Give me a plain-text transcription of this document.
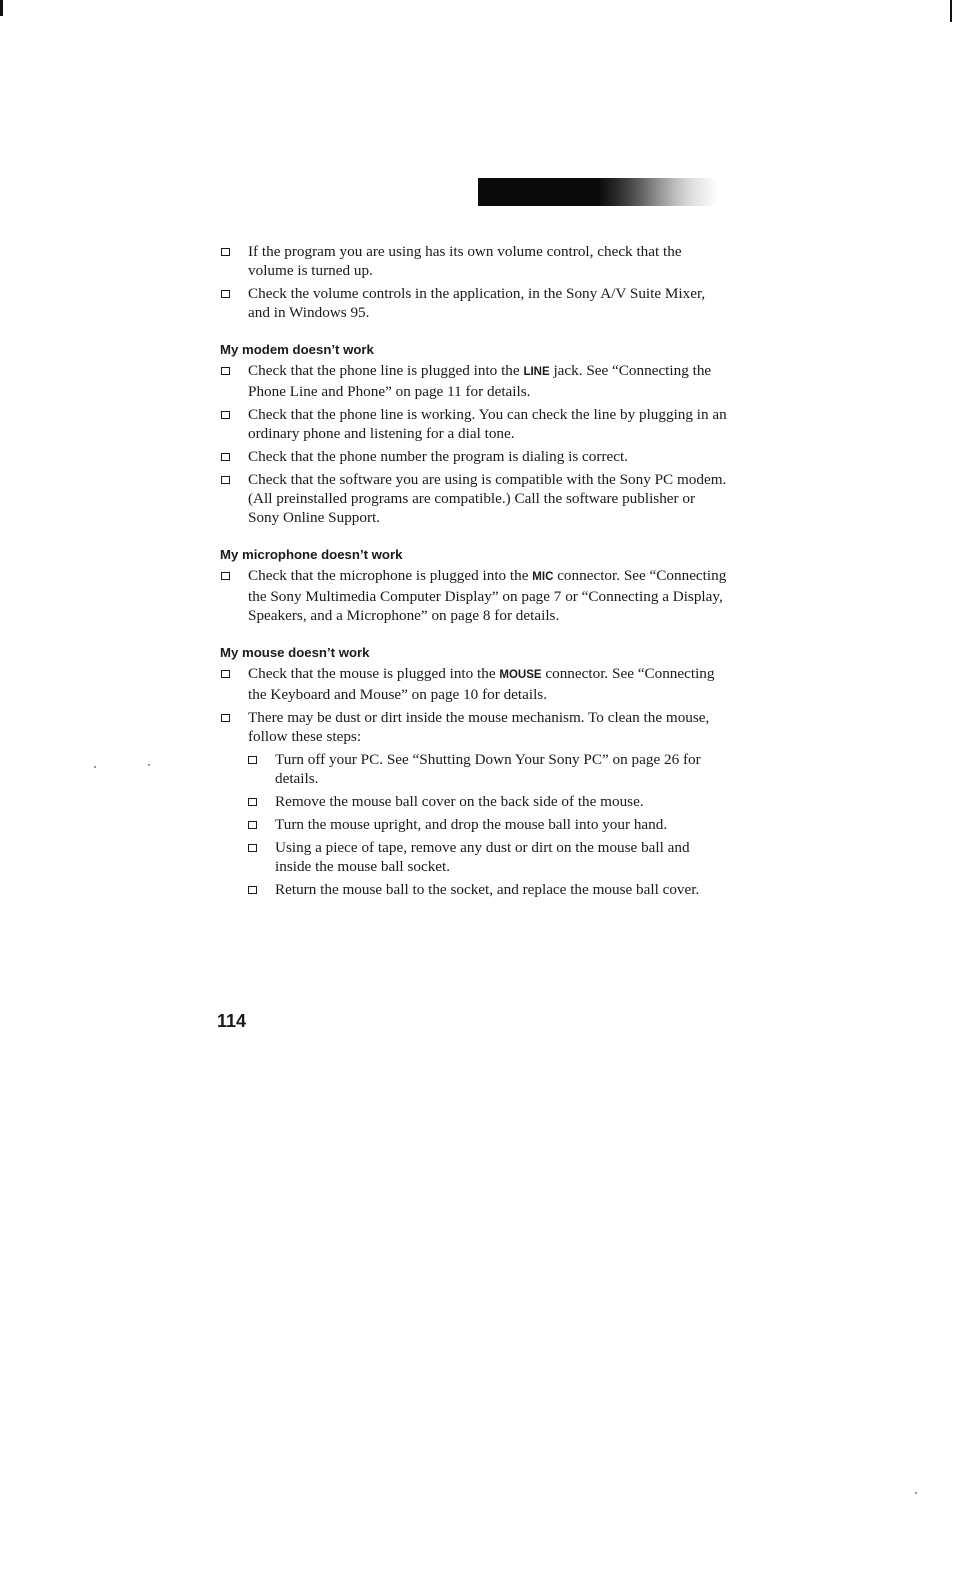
If the program you are using has its own volume control, check that the volume is turned up.
Check the volume controls in the application, in the Sony A/V Suite Mixer, and in Windows 95.
My modem doesn’t work
Check that the phone line is plugged into the LINE jack. See “Connecting the Phone Line and Phone” on page 11 for details.
Check that the phone line is working. You can check the line by plugging in an ordinary phone and listening for a dial tone.
Check that the phone number the program is dialing is correct.
Check that the software you are using is compatible with the Sony PC modem. (All preinstalled programs are compatible.) Call the software publisher or Sony Online Support.
My microphone doesn’t work
Check that the microphone is plugged into the MIC connector. See “Connecting the Sony Multimedia Computer Display” on page 7 or “Connecting a Display, Speakers, and a Microphone” on page 8 for details.
My mouse doesn’t work
Check that the mouse is plugged into the MOUSE connector. See “Connecting the Keyboard and Mouse” on page 10 for details.
There may be dust or dirt inside the mouse mechanism. To clean the mouse, follow these steps:
Turn off your PC. See “Shutting Down Your Sony PC” on page 26 for details.
Remove the mouse ball cover on the back side of the mouse.
Turn the mouse upright, and drop the mouse ball into your hand.
Using a piece of tape, remove any dust or dirt on the mouse ball and inside the mouse ball socket.
Return the mouse ball to the socket, and replace the mouse ball cover.
114
